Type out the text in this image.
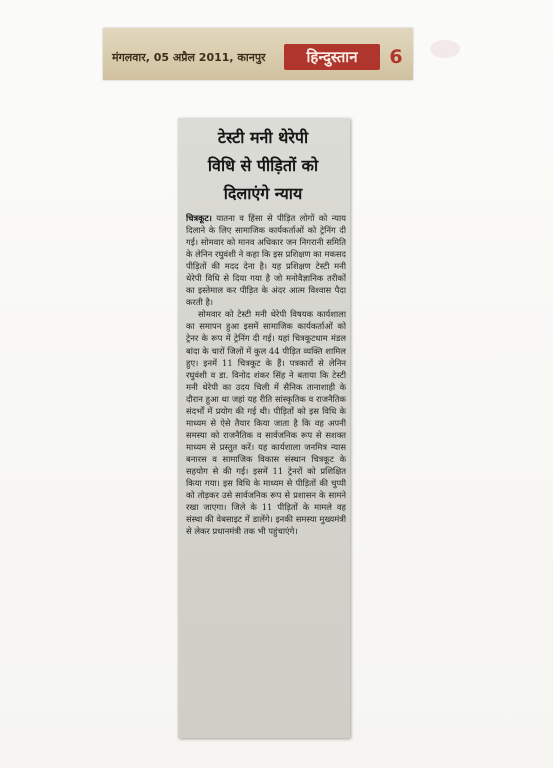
मंगलवार, 05 अप्रैल 2011, कानपुर	हिन्दुस्तान	6
टेस्टी मनी थेरेपी
विधि से पीड़ितों को
दिलाएंगे न्याय

चित्रकूट। यातना व हिंसा से पीड़ित लोगों को न्याय दिलाने के लिए सामाजिक कार्यकर्ताओं को ट्रेनिंग दी गई। सोमवार को मानव अधिकार जन निगरानी समिति के लेनिन रघुवंशी ने कहा कि इस प्रशिक्षण का मकसद पीड़ितों की मदद देना है। यह प्रशिक्षण टेस्टी मनी थेरेपी विधि से दिया गया है जो मनोवैज्ञानिक तरीकों का इस्तेमाल कर पीड़ित के अंदर आत्म विश्वास पैदा करती है।

सोमवार को टेस्टी मनी थेरेपी विषयक कार्यशाला का समापन हुआ इसमें सामाजिक कार्यकर्ताओं को ट्रेनर के रूप में ट्रेनिंग दी गई। यहां चित्रकूटधाम मंडल बांदा के चारों जिलों में कुल 44 पीड़ित व्यक्ति शामिल हुए। इनमें 11 चित्रकूट के हैं। पत्रकारों से लेनिन रघुवंशी व डा. विनोद शंकर सिंह ने बताया कि टेस्टी मनी थेरेपी का उदय चिली में सैनिक तानाशाही के दौरान हुआ था जहां यह रीति सांस्कृतिक व राजनैतिक संदर्भों में प्रयोग की गई थी। पीड़ितों को इस विधि के माध्यम से ऐसे तैयार किया जाता है कि वह अपनी समस्या को राजनैतिक व सार्वजनिक रूप से सशक्त माध्यम से प्रस्तुत करें। यह कार्यशाला जनमित्र न्यास बनारस व सामाजिक विकास संस्थान चित्रकूट के सहयोग से की गई। इसमें 11 ट्रेनरों को प्रशिक्षित किया गया। इस विधि के माध्यम से पीड़ितों की चुप्पी को तोड़कर उसे सार्वजनिक रूप से प्रशासन के सामने रखा जाएगा। जिले के 11 पीड़ितों के मामले वह संस्था की वेबसाइट में डालेंगे। इनकी समस्या मुख्यमंत्री से लेकर प्रधानमंत्री तक भी पहुंचाएंगे।
